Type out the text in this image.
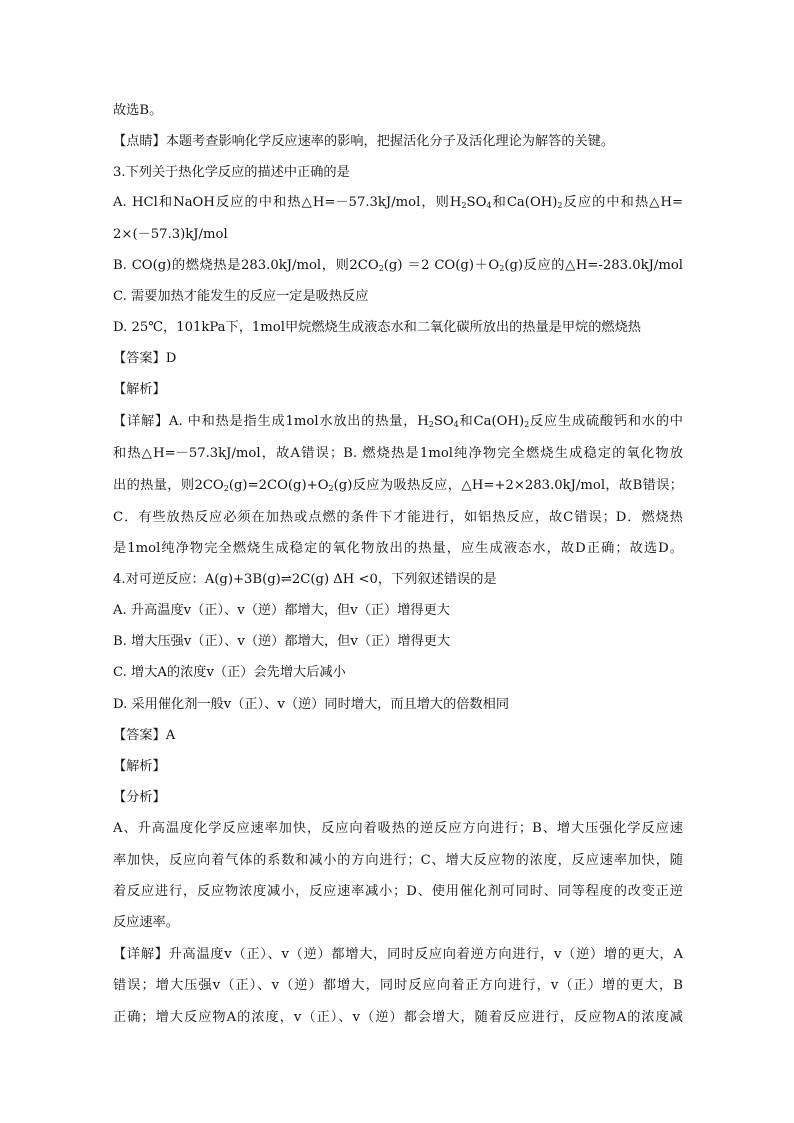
故选B。
【点睛】本题考查影响化学反应速率的影响，把握活化分子及活化理论为解答的关键。
3.下列关于热化学反应的描述中正确的是
A. HCl和NaOH反应的中和热△H=－57.3kJ/mol，则$H_2SO_4$和$Ca(OH)_2$反应的中和热△H=
2×(－57.3)kJ/mol
B. CO(g)的燃烧热是283.0kJ/mol，则$2CO_2(g) =2$ $CO(g)+O_2(g)$反应的△H=-283.0kJ/mol
C. 需要加热才能发生的反应一定是吸热反应
D. 25℃，101kPa下，1mol甲烷燃烧生成液态水和二氧化碳所放出的热量是甲烷的燃烧热
【答案】D
【解析】
【详解】A. 中和热是指生成1mol水放出的热量，$H_2SO_4$和$Ca(OH)_2$反应生成硫酸钙和水的中
和热△H=－57.3kJ/mol，故A错误；B. 燃烧热是1mol纯净物完全燃烧生成稳定的氧化物放
出的热量，则$2CO_2(g)=2CO(g)+O_2(g)$反应为吸热反应，△H=+2×283.0kJ/mol，故B错误；
C．有些放热反应必须在加热或点燃的条件下才能进行，如铝热反应，故C错误；D．燃烧热
是1mol纯净物完全燃烧生成稳定的氧化物放出的热量，应生成液态水，故D正确；故选D。
4.对可逆反应：A(g)+3B(g)⇌2C(g) ΔH <0，下列叙述错误的是
A. 升高温度v（正）、v（逆）都增大，但v（正）增得更大
B. 增大压强v（正）、v（逆）都增大，但v（正）增得更大
C. 增大A的浓度v（正）会先增大后减小
D. 采用催化剂一般v（正）、v（逆）同时增大，而且增大的倍数相同
【答案】A
【解析】
【分析】
A、升高温度化学反应速率加快，反应向着吸热的逆反应方向进行；B、增大压强化学反应速
率加快，反应向着气体的系数和减小的方向进行；C、增大反应物的浓度，反应速率加快，随
着反应进行，反应物浓度减小，反应速率减小；D、使用催化剂可同时、同等程度的改变正逆
反应速率。
【详解】升高温度v（正）、v（逆）都增大，同时反应向着逆方向进行，v（逆）增的更大，A
错误；增大压强v（正）、v（逆）都增大，同时反应向着正方向进行，v（正）增的更大，B
正确；增大反应物A的浓度，v（正）、v（逆）都会增大，随着反应进行，反应物A的浓度减
